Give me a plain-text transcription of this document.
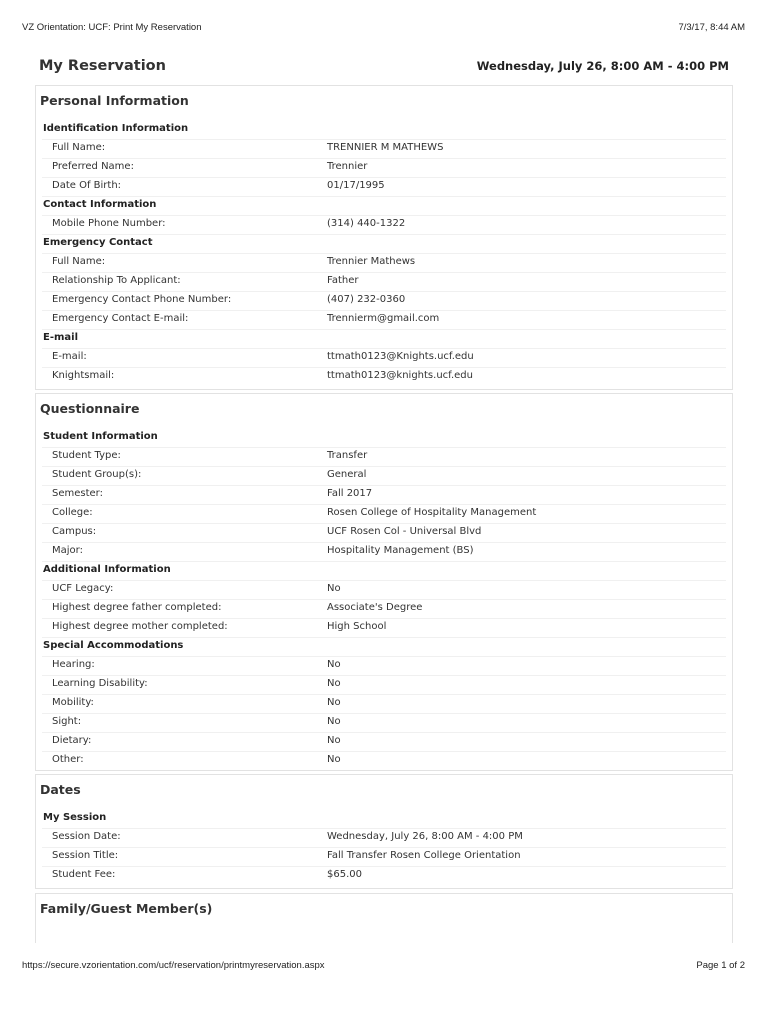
VZ Orientation: UCF: Print My Reservation	7/3/17, 8:44 AM
My Reservation	Wednesday, July 26, 8:00 AM - 4:00 PM
Personal Information
Identification Information
Full Name:	TRENNIER M MATHEWS
Preferred Name:	Trennier
Date Of Birth:	01/17/1995
Contact Information
Mobile Phone Number:	(314) 440-1322
Emergency Contact
Full Name:	Trennier Mathews
Relationship To Applicant:	Father
Emergency Contact Phone Number:	(407) 232-0360
Emergency Contact E-mail:	Trennierm@gmail.com
E-mail
E-mail:	ttmath0123@Knights.ucf.edu
Knightsmail:	ttmath0123@knights.ucf.edu
Questionnaire
Student Information
Student Type:	Transfer
Student Group(s):	General
Semester:	Fall 2017
College:	Rosen College of Hospitality Management
Campus:	UCF Rosen Col - Universal Blvd
Major:	Hospitality Management (BS)
Additional Information
UCF Legacy:	No
Highest degree father completed:	Associate's Degree
Highest degree mother completed:	High School
Special Accommodations
Hearing:	No
Learning Disability:	No
Mobility:	No
Sight:	No
Dietary:	No
Other:	No
Dates
My Session
Session Date:	Wednesday, July 26, 8:00 AM - 4:00 PM
Session Title:	Fall Transfer Rosen College Orientation
Student Fee:	$65.00
Family/Guest Member(s)
https://secure.vzorientation.com/ucf/reservation/printmyreservation.aspx	Page 1 of 2
